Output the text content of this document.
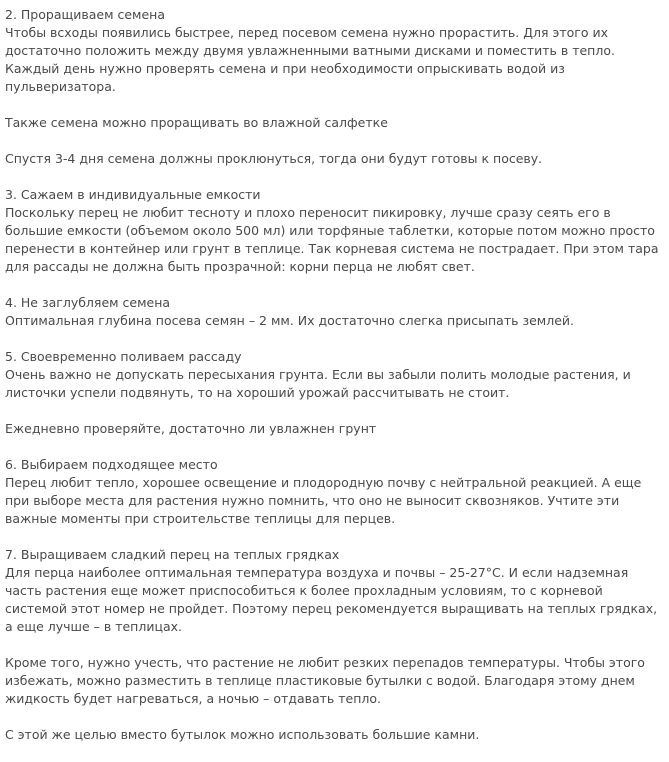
2. Проращиваем семена

Чтобы всходы появились быстрее, перед посевом семена нужно прорастить. Для этого их достаточно положить между двумя увлажненными ватными дисками и поместить в тепло. Каждый день нужно проверять семена и при необходимости опрыскивать водой из пульверизатора.

Также семена можно проращивать во влажной салфетке

Спустя 3-4 дня семена должны проклюнуться, тогда они будут готовы к посеву.

3. Сажаем в индивидуальные емкости

Поскольку перец не любит тесноту и плохо переносит пикировку, лучше сразу сеять его в большие емкости (объемом около 500 мл) или торфяные таблетки, которые потом можно просто перенести в контейнер или грунт в теплице. Так корневая система не пострадает. При этом тара для рассады не должна быть прозрачной: корни перца не любят свет.

4. Не заглубляем семена

Оптимальная глубина посева семян – 2 мм. Их достаточно слегка присыпать землей.

5. Своевременно поливаем рассаду

Очень важно не допускать пересыхания грунта. Если вы забыли полить молодые растения, и листочки успели подвянуть, то на хороший урожай рассчитывать не стоит.

Ежедневно проверяйте, достаточно ли увлажнен грунт

6. Выбираем подходящее место

Перец любит тепло, хорошее освещение и плодородную почву с нейтральной реакцией. А еще при выборе места для растения нужно помнить, что оно не выносит сквозняков. Учтите эти важные моменты при строительстве теплицы для перцев.

7. Выращиваем сладкий перец на теплых грядках

Для перца наиболее оптимальная температура воздуха и почвы – 25-27°С. И если надземная часть растения еще может приспособиться к более прохладным условиям, то с корневой системой этот номер не пройдет. Поэтому перец рекомендуется выращивать на теплых грядках, а еще лучше – в теплицах.

Кроме того, нужно учесть, что растение не любит резких перепадов температуры. Чтобы этого избежать, можно разместить в теплице пластиковые бутылки с водой. Благодаря этому днем жидкость будет нагреваться, а ночью – отдавать тепло.

С этой же целью вместо бутылок можно использовать большие камни.
